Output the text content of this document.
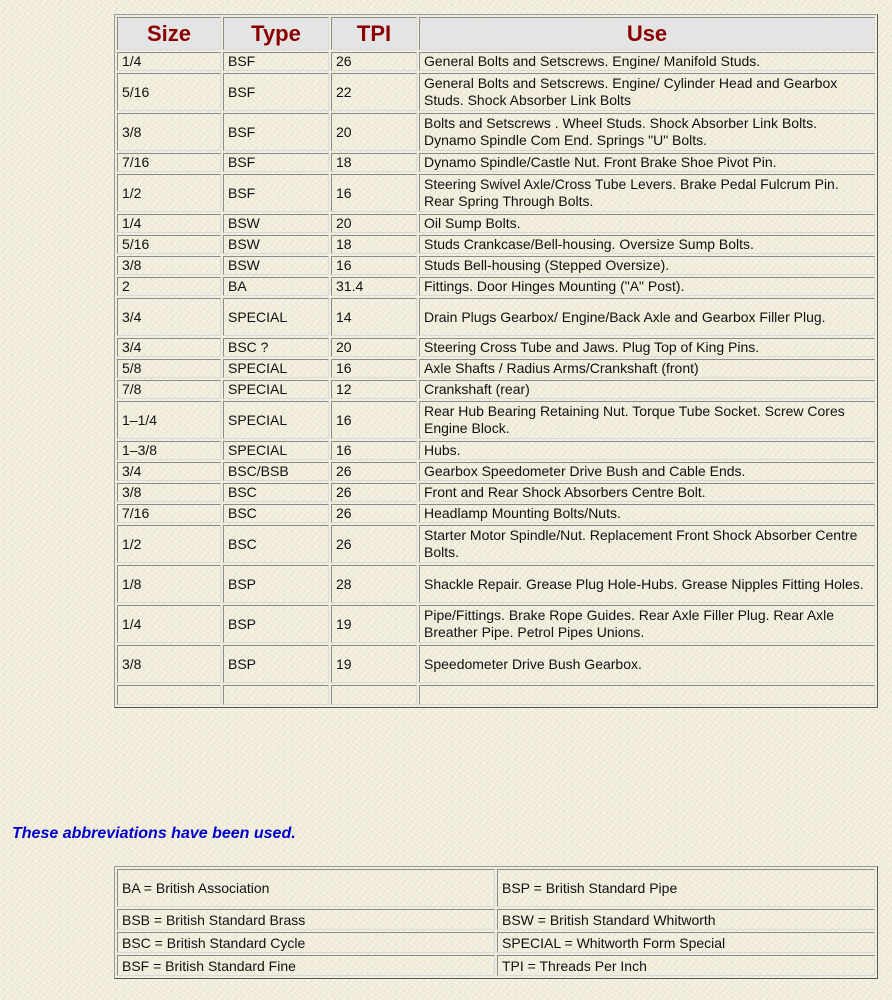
Size	Type	TPI	Use
1/4	BSF	26	General Bolts and Setscrews. Engine/ Manifold Studs.
5/16	BSF	22	General Bolts and Setscrews. Engine/ Cylinder Head and Gearbox Studs. Shock Absorber Link Bolts
3/8	BSF	20	Bolts and Setscrews . Wheel Studs. Shock Absorber Link Bolts. Dynamo Spindle Com End. Springs "U" Bolts.
7/16	BSF	18	Dynamo Spindle/Castle Nut. Front Brake Shoe Pivot Pin.
1/2	BSF	16	Steering Swivel Axle/Cross Tube Levers. Brake Pedal Fulcrum Pin. Rear Spring Through Bolts.
1/4	BSW	20	Oil Sump Bolts.
5/16	BSW	18	Studs Crankcase/Bell-housing. Oversize Sump Bolts.
3/8	BSW	16	Studs Bell-housing (Stepped Oversize).
2	BA	31.4	Fittings. Door Hinges Mounting ("A" Post).
3/4	SPECIAL	14	Drain Plugs Gearbox/ Engine/Back Axle and Gearbox Filler Plug.
3/4	BSC ?	20	Steering Cross Tube and Jaws. Plug Top of King Pins.
5/8	SPECIAL	16	Axle Shafts / Radius Arms/Crankshaft (front)
7/8	SPECIAL	12	Crankshaft (rear)
1–1/4	SPECIAL	16	Rear Hub Bearing Retaining Nut. Torque Tube Socket. Screw Cores Engine Block.
1–3/8	SPECIAL	16	Hubs.
3/4	BSC/BSB	26	Gearbox Speedometer Drive Bush and Cable Ends.
3/8	BSC	26	Front and Rear Shock Absorbers Centre Bolt.
7/16	BSC	26	Headlamp Mounting Bolts/Nuts.
1/2	BSC	26	Starter Motor Spindle/Nut. Replacement Front Shock Absorber Centre Bolts.
1/8	BSP	28	Shackle Repair. Grease Plug Hole-Hubs. Grease Nipples Fitting Holes.
1/4	BSP	19	Pipe/Fittings. Brake Rope Guides. Rear Axle Filler Plug. Rear Axle Breather Pipe. Petrol Pipes Unions.
3/8	BSP	19	Speedometer Drive Bush Gearbox.

These abbreviations have been used.

BA = British Association	BSP = British Standard Pipe
BSB = British Standard Brass	BSW = British Standard Whitworth
BSC = British Standard Cycle	SPECIAL = Whitworth Form Special
BSF = British Standard Fine	TPI = Threads Per Inch
